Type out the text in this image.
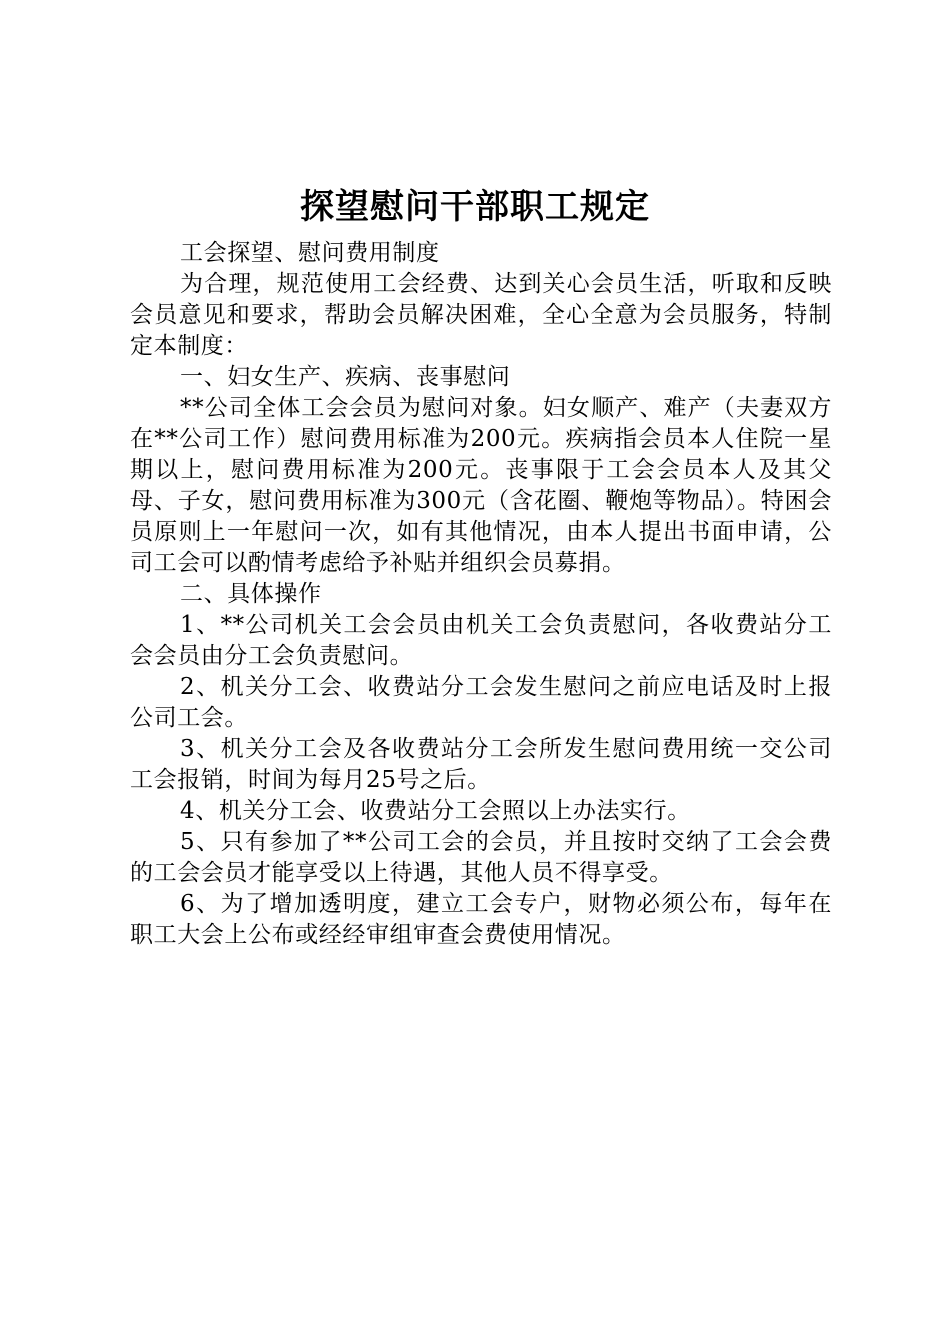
探望慰问干部职工规定

工会探望、慰问费用制度

为合理，规范使用工会经费、达到关心会员生活，听取和反映会员意见和要求，帮助会员解决困难，全心全意为会员服务，特制定本制度：

一、妇女生产、疾病、丧事慰问

**公司全体工会会员为慰问对象。妇女顺产、难产（夫妻双方在**公司工作）慰问费用标准为200元。疾病指会员本人住院一星期以上，慰问费用标准为200元。丧事限于工会会员本人及其父母、子女，慰问费用标准为300元（含花圈、鞭炮等物品）。特困会员原则上一年慰问一次，如有其他情况，由本人提出书面申请，公司工会可以酌情考虑给予补贴并组织会员募捐。

二、具体操作

1、**公司机关工会会员由机关工会负责慰问，各收费站分工会会员由分工会负责慰问。

2、机关分工会、收费站分工会发生慰问之前应电话及时上报公司工会。

3、机关分工会及各收费站分工会所发生慰问费用统一交公司工会报销，时间为每月25号之后。

4、机关分工会、收费站分工会照以上办法实行。

5、只有参加了**公司工会的会员，并且按时交纳了工会会费的工会会员才能享受以上待遇，其他人员不得享受。

6、为了增加透明度，建立工会专户，财物必须公布，每年在职工大会上公布或经经审组审查会费使用情况。
